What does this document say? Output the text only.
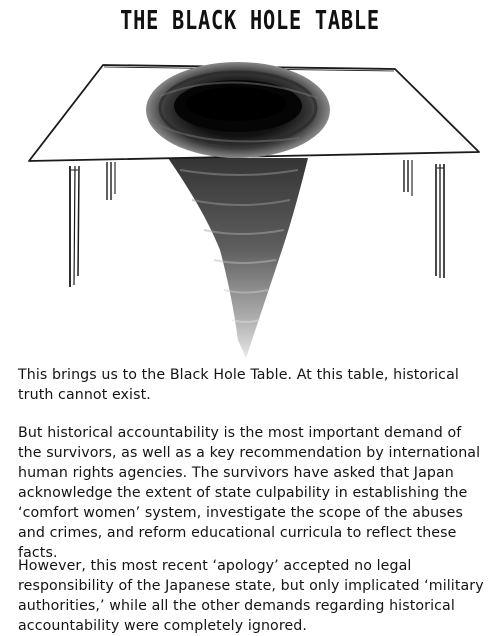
THE BLACK HOLE TABLE

This brings us to the Black Hole Table. At this table, historical truth cannot exist.

But historical accountability is the most important demand of the survivors, as well as a key recommendation by international human rights agencies. The survivors have asked that Japan acknowledge the extent of state culpability in establishing the ‘comfort women’ system, investigate the scope of the abuses and crimes, and reform educational curricula to reflect these facts.

However, this most recent ‘apology’ accepted no legal responsibility of the Japanese state, but only implicated ‘military authorities,’ while all the other demands regarding historical accountability were completely ignored.
